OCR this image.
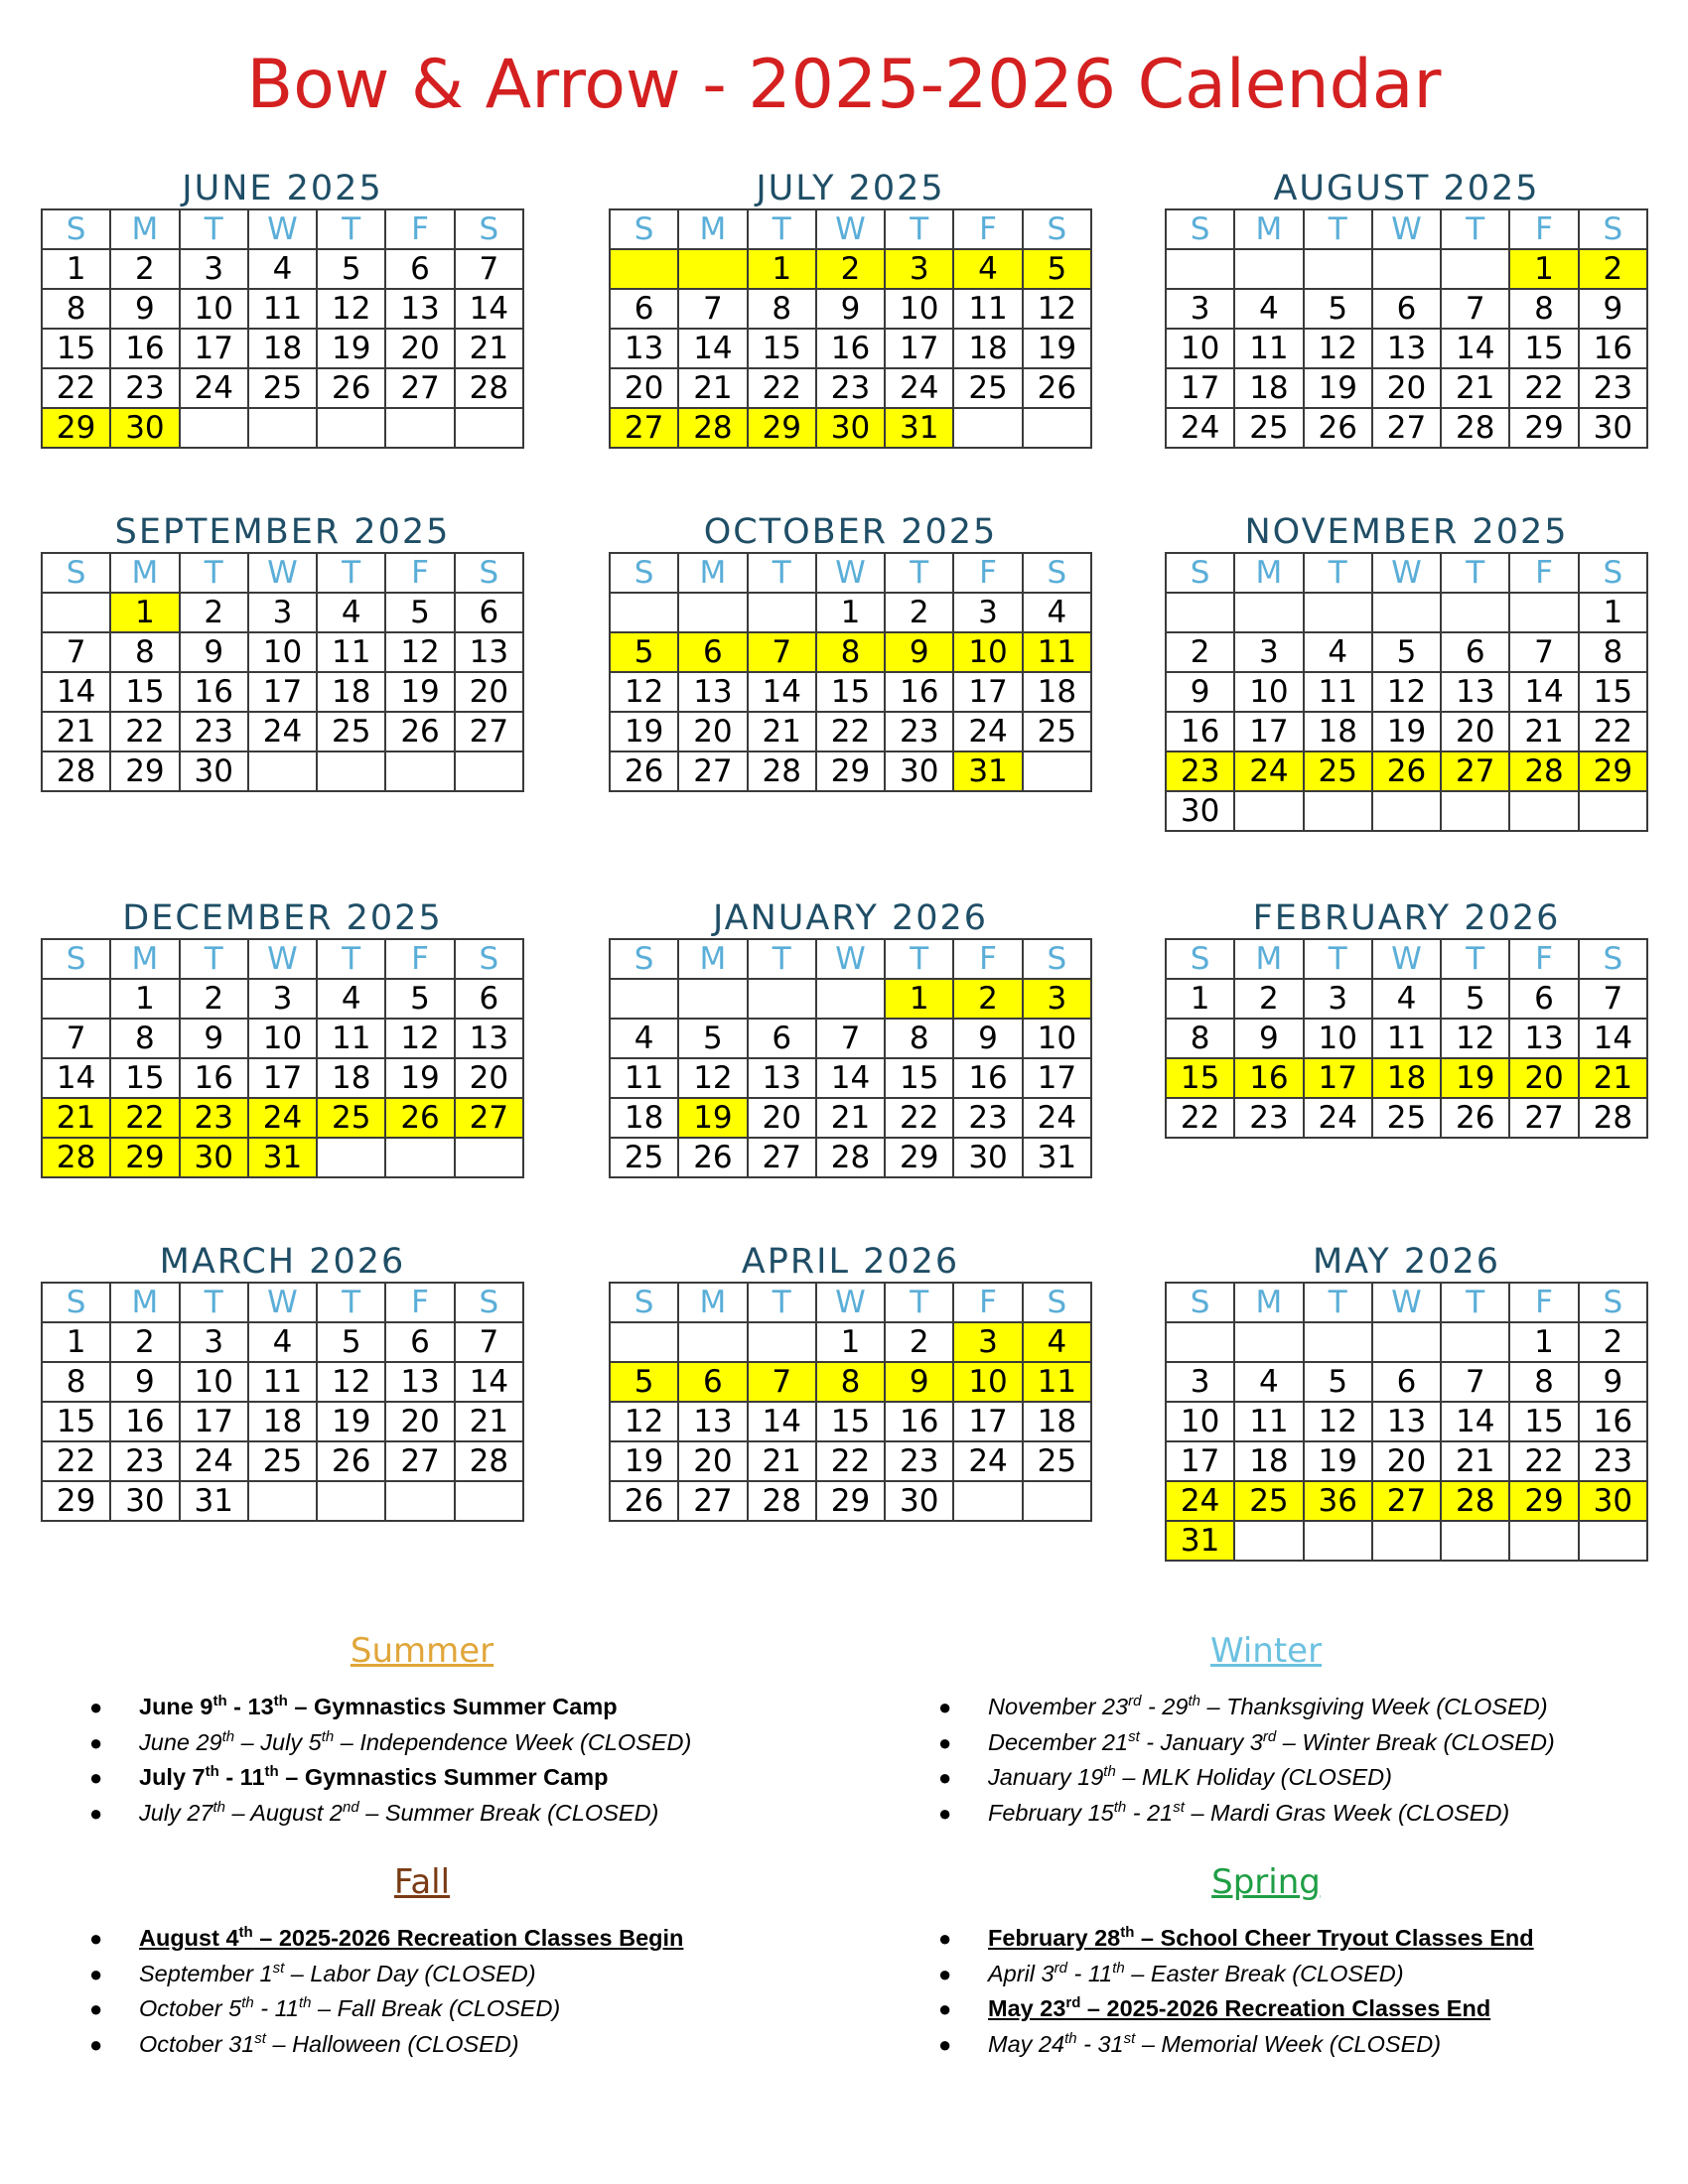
Bow & Arrow - 2025-2026 Calendar
JUNE 2025
S	M	T	W	T	F	S
1	2	3	4	5	6	7
8	9	10	11	12	13	14
15	16	17	18	19	20	21
22	23	24	25	26	27	28
29	30					
JULY 2025
S	M	T	W	T	F	S
		1	2	3	4	5
6	7	8	9	10	11	12
13	14	15	16	17	18	19
20	21	22	23	24	25	26
27	28	29	30	31		
AUGUST 2025
S	M	T	W	T	F	S
					1	2
3	4	5	6	7	8	9
10	11	12	13	14	15	16
17	18	19	20	21	22	23
24	25	26	27	28	29	30
SEPTEMBER 2025
S	M	T	W	T	F	S
	1	2	3	4	5	6
7	8	9	10	11	12	13
14	15	16	17	18	19	20
21	22	23	24	25	26	27
28	29	30				
OCTOBER 2025
S	M	T	W	T	F	S
			1	2	3	4
5	6	7	8	9	10	11
12	13	14	15	16	17	18
19	20	21	22	23	24	25
26	27	28	29	30	31	
NOVEMBER 2025
S	M	T	W	T	F	S
						1
2	3	4	5	6	7	8
9	10	11	12	13	14	15
16	17	18	19	20	21	22
23	24	25	26	27	28	29
30						
DECEMBER 2025
S	M	T	W	T	F	S
	1	2	3	4	5	6
7	8	9	10	11	12	13
14	15	16	17	18	19	20
21	22	23	24	25	26	27
28	29	30	31			
JANUARY 2026
S	M	T	W	T	F	S
				1	2	3
4	5	6	7	8	9	10
11	12	13	14	15	16	17
18	19	20	21	22	23	24
25	26	27	28	29	30	31
FEBRUARY 2026
S	M	T	W	T	F	S
1	2	3	4	5	6	7
8	9	10	11	12	13	14
15	16	17	18	19	20	21
22	23	24	25	26	27	28
MARCH 2026
S	M	T	W	T	F	S
1	2	3	4	5	6	7
8	9	10	11	12	13	14
15	16	17	18	19	20	21
22	23	24	25	26	27	28
29	30	31				
APRIL 2026
S	M	T	W	T	F	S
			1	2	3	4
5	6	7	8	9	10	11
12	13	14	15	16	17	18
19	20	21	22	23	24	25
26	27	28	29	30		
MAY 2026
S	M	T	W	T	F	S
					1	2
3	4	5	6	7	8	9
10	11	12	13	14	15	16
17	18	19	20	21	22	23
24	25	36	27	28	29	30
31						
Summer
● June 9th - 13th – Gymnastics Summer Camp
● June 29th – July 5th – Independence Week (CLOSED)
● July 7th - 11th – Gymnastics Summer Camp
● July 27th – August 2nd – Summer Break (CLOSED)
Winter
● November 23rd - 29th – Thanksgiving Week (CLOSED)
● December 21st - January 3rd – Winter Break (CLOSED)
● January 19th – MLK Holiday (CLOSED)
● February 15th - 21st – Mardi Gras Week (CLOSED)
Fall
● August 4th – 2025-2026 Recreation Classes Begin
● September 1st – Labor Day (CLOSED)
● October 5th - 11th – Fall Break (CLOSED)
● October 31st – Halloween (CLOSED)
Spring
● February 28th – School Cheer Tryout Classes End
● April 3rd - 11th – Easter Break (CLOSED)
● May 23rd – 2025-2026 Recreation Classes End
● May 24th - 31st – Memorial Week (CLOSED)
